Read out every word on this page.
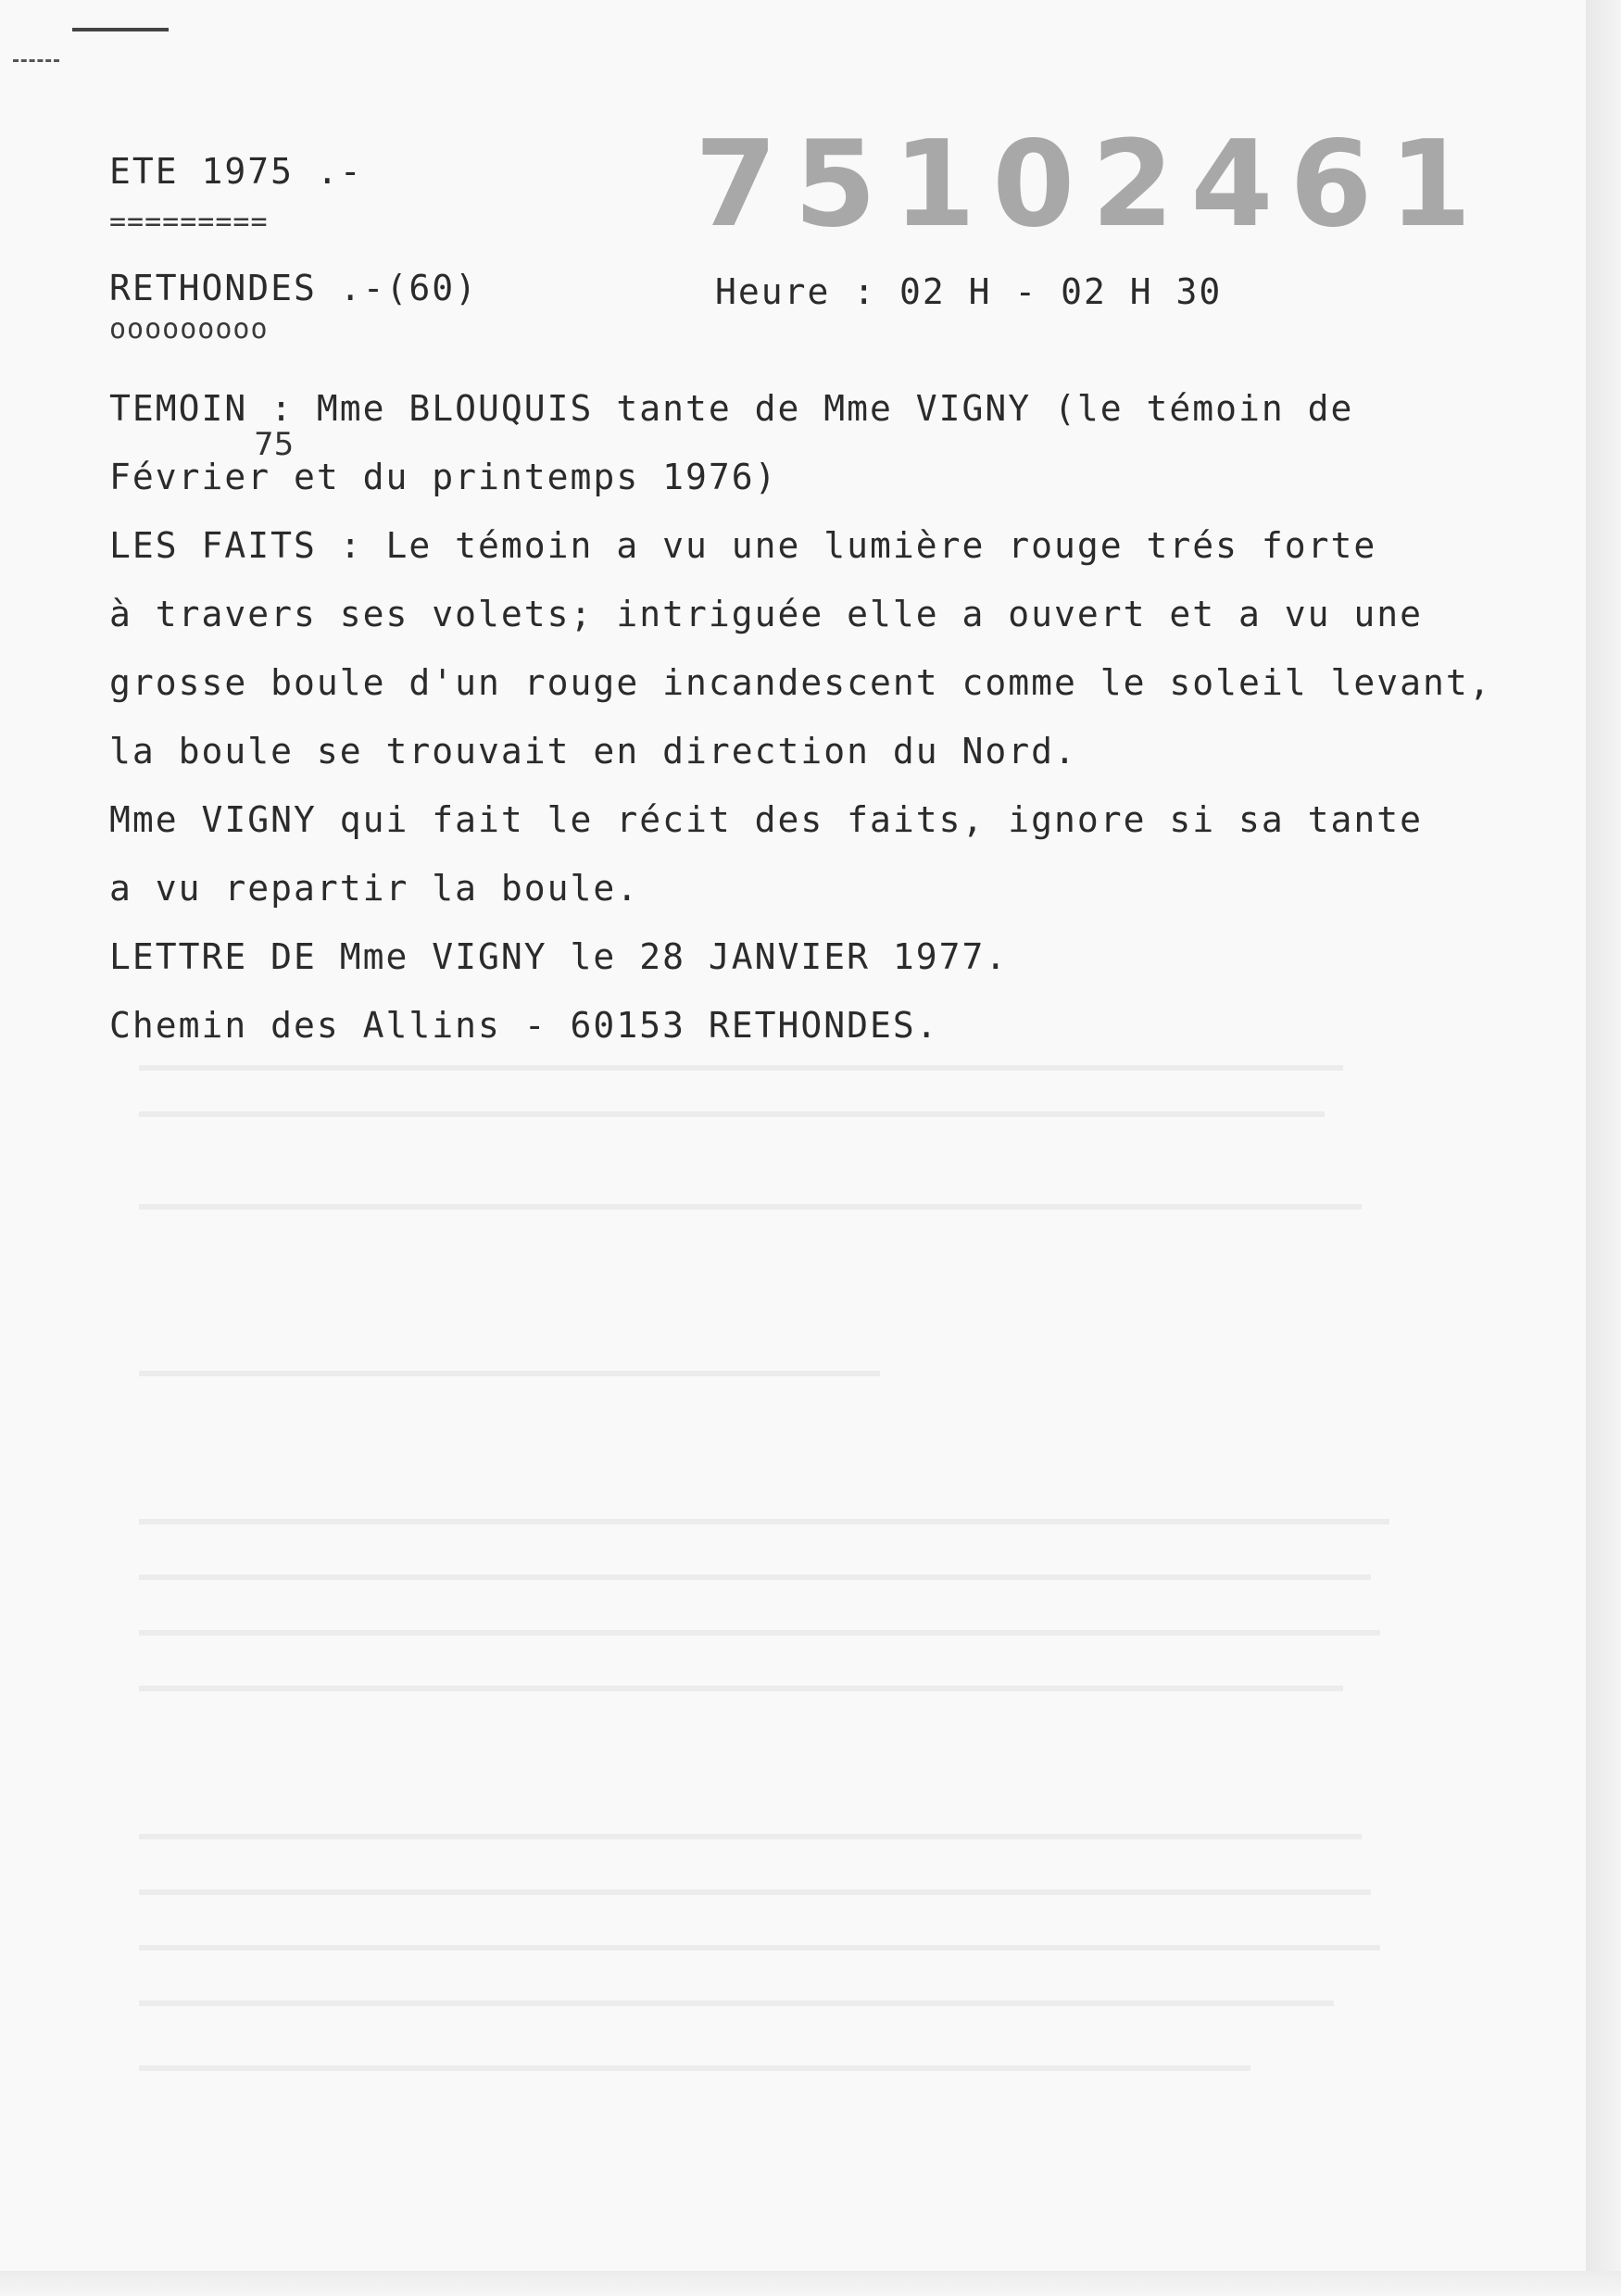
ETE 1975 .-
=========	75102461
RETHONDES .-(60)
ooooooooo
Heure : 02 H - 02 H 30
TEMOIN : Mme BLOUQUIS tante de Mme VIGNY (le témoin de
75
Février et du printemps 1976)
LES FAITS : Le témoin a vu une lumière rouge trés forte
à travers ses volets; intriguée elle a ouvert et a vu une
grosse boule d'un rouge incandescent comme le soleil levant,
la boule se trouvait en direction du Nord.
Mme VIGNY qui fait le récit des faits, ignore si sa tante
a vu repartir la boule.
LETTRE DE Mme VIGNY le 28 JANVIER 1977.
Chemin des Allins - 60153 RETHONDES.
